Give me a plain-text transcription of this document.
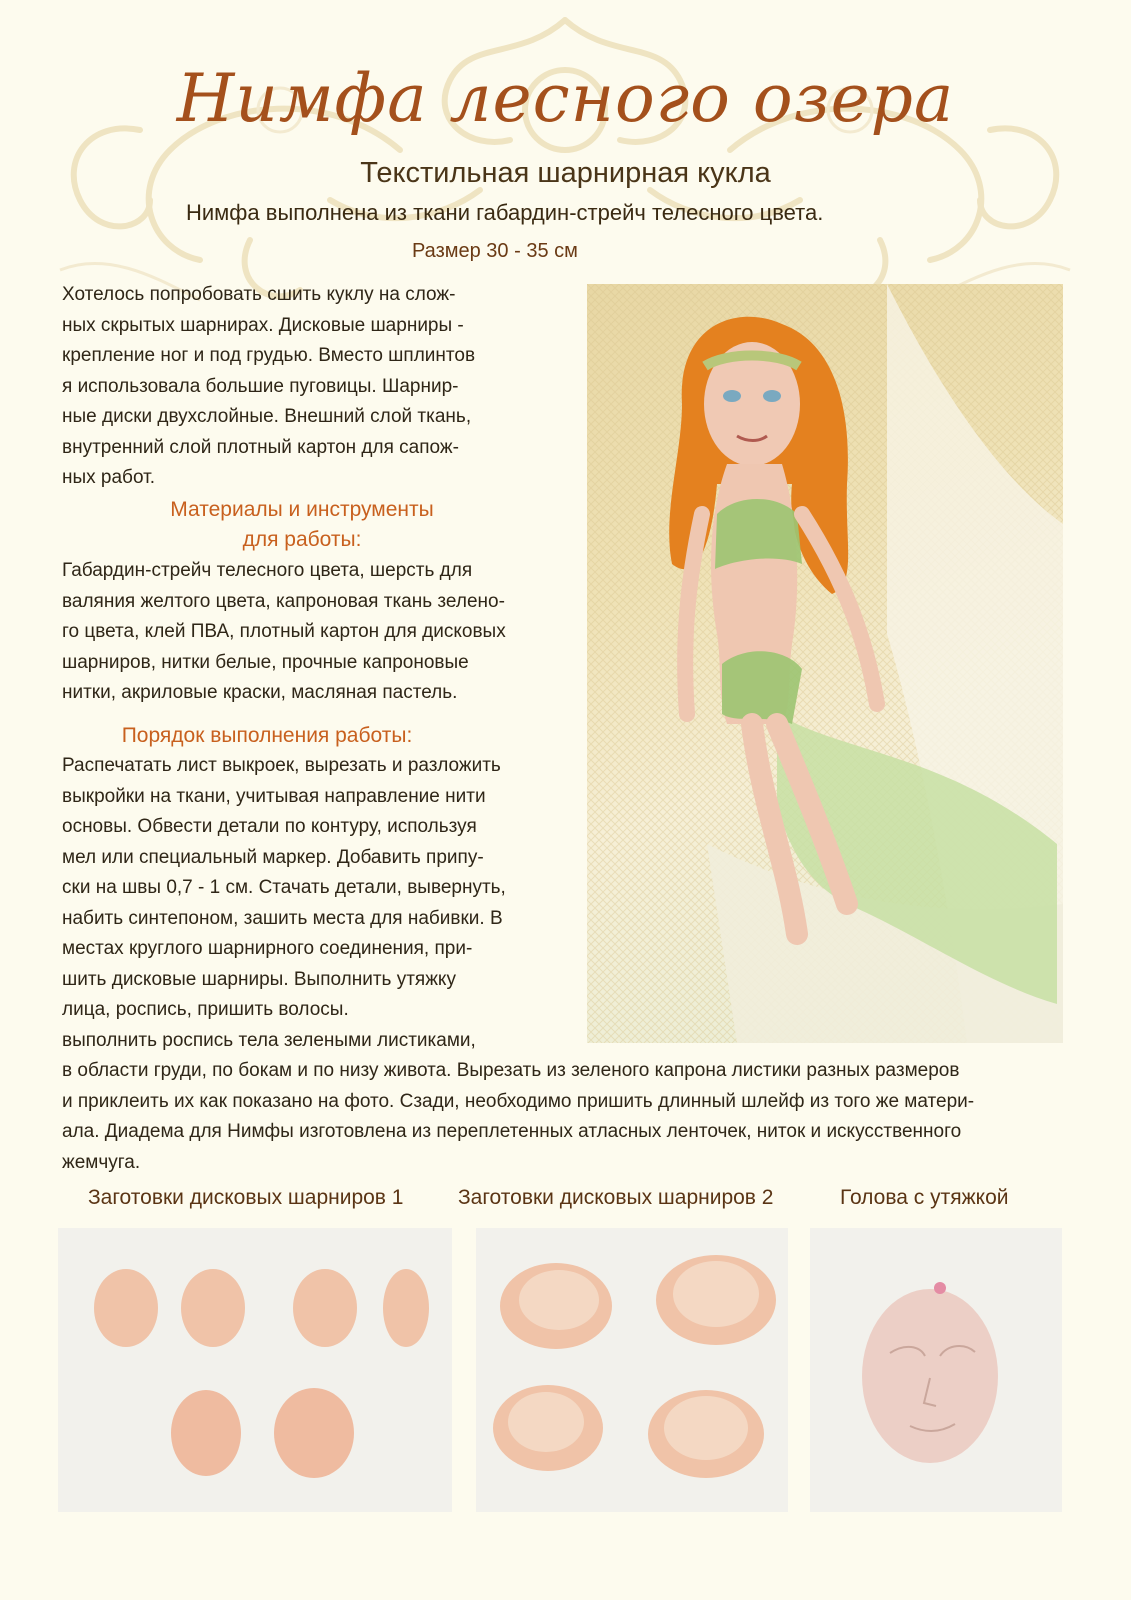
Нимфа лесного озера
Текстильная шарнирная кукла
Нимфа выполнена из ткани габардин-стрейч телесного цвета.
Размер 30 - 35 см
Хотелось попробовать сшить куклу на слож-
ных скрытых шарнирах. Дисковые шарниры -
крепление ног и под грудью. Вместо шплинтов
я использовала большие пуговицы. Шарнир-
ные диски двухслойные. Внешний слой ткань,
внутренний слой плотный картон для сапож-
ных работ.
Материалы и инструменты
для работы:
Габардин-стрейч телесного цвета, шерсть для
валяния желтого цвета, капроновая ткань зелено-
го цвета, клей ПВА, плотный картон для дисковых
шарниров, нитки белые, прочные капроновые
нитки, акриловые краски, масляная пастель.
Порядок выполнения работы:
Распечатать лист выкроек, вырезать и разложить
выкройки на ткани, учитывая направление нити
основы. Обвести детали по контуру, используя
мел или специальный маркер. Добавить припу-
ски на швы 0,7 - 1 см. Стачать детали, вывернуть,
набить синтепоном, зашить места для набивки. В
местах круглого шарнирного соединения, при-
шить дисковые шарниры. Выполнить утяжку
лица, роспись, пришить волосы.
выполнить роспись тела зелеными листиками,
в области груди, по бокам и по низу живота. Вырезать из зеленого капрона листики разных размеров
и приклеить их как показано на фото. Сзади, необходимо пришить длинный шлейф из того же матери-
ала. Диадема для Нимфы изготовлена из переплетенных атласных ленточек, ниток и искусственного
жемчуга.
Заготовки дисковых шарниров 1	Заготовки дисковых шарниров 2	Голова с утяжкой
